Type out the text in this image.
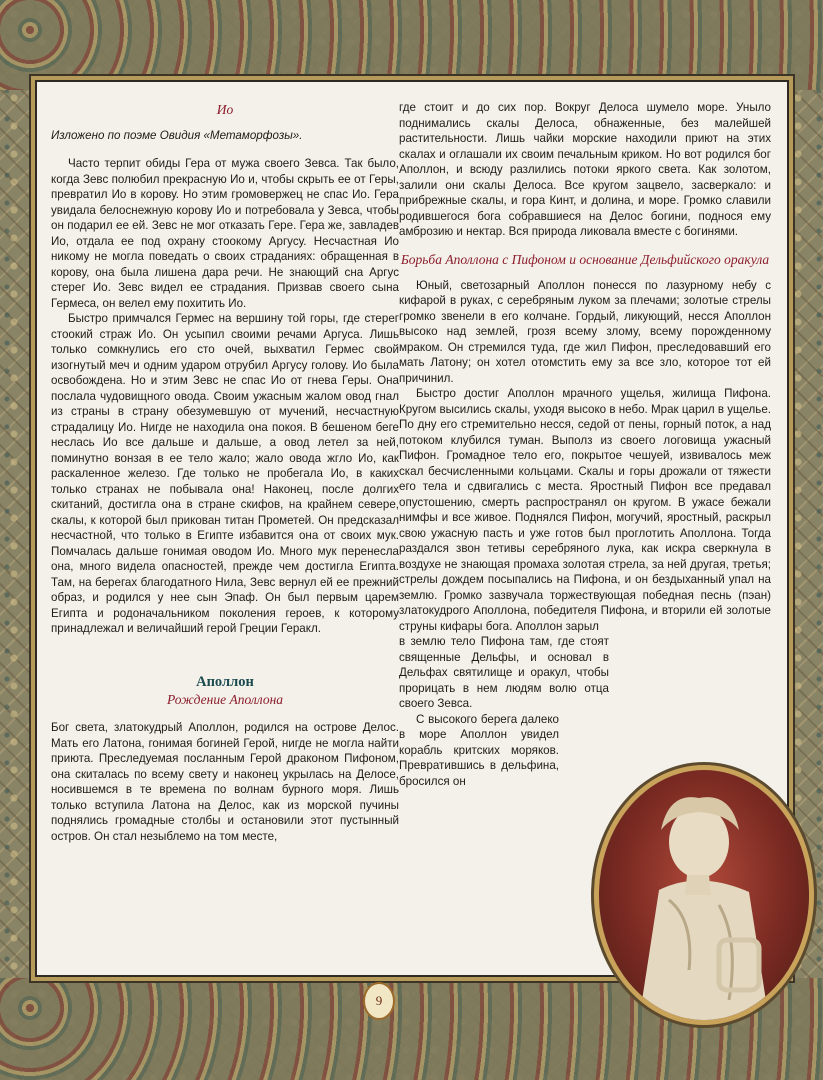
Ио

Изложено по поэме Овидия «Метаморфозы».

Часто терпит обиды Гера от мужа своего Зевса. Так было, когда Зевс полюбил прекрасную Ио и, чтобы скрыть ее от Геры, превратил Ио в корову. Но этим громовержец не спас Ио. Гера увидала белоснежную корову Ио и потребовала у Зевса, чтобы он подарил ее ей. Зевс не мог отказать Гере. Гера же, завладев Ио, отдала ее под охрану стоокому Аргусу. Несчастная Ио никому не могла поведать о своих страданиях: обращенная в корову, она была лишена дара речи. Не знающий сна Аргус стерег Ио. Зевс видел ее страдания. Призвав своего сына Гермеса, он велел ему похитить Ио.

Быстро примчался Гермес на вершину той горы, где стерег стоокий страж Ио. Он усыпил своими речами Аргуса. Лишь только сомкнулись его сто очей, выхватил Гермес свой изогнутый меч и одним ударом отрубил Аргусу голову. Ио была освобождена. Но и этим Зевс не спас Ио от гнева Геры. Она послала чудовищного овода. Своим ужасным жалом овод гнал из страны в страну обезумевшую от мучений, несчастную страдалицу Ио. Нигде не находила она покоя. В бешеном беге неслась Ио все дальше и дальше, а овод летел за ней, поминутно вонзая в ее тело жало; жало овода жгло Ио, как раскаленное железо. Где только не пробегала Ио, в каких только странах не побывала она! Наконец, после долгих скитаний, достигла она в стране скифов, на крайнем севере, скалы, к которой был прикован титан Прометей. Он предсказал несчастной, что только в Египте избавится она от своих мук. Помчалась дальше гонимая оводом Ио. Много мук перенесла она, много видела опасностей, прежде чем достигла Египта. Там, на берегах благодатного Нила, Зевс вернул ей ее прежний образ, и родился у нее сын Эпаф. Он был первым царем Египта и родоначальником поколения героев, к которому принадлежал и величайший герой Греции Геракл.

Аполлон
Рождение Аполлона

Бог света, златокудрый Аполлон, родился на острове Делос. Мать его Латона, гонимая богиней Герой, нигде не могла найти приюта. Преследуемая посланным Герой драконом Пифоном, она скиталась по всему свету и наконец укрылась на Делосе, носившемся в те времена по волнам бурного моря. Лишь только вступила Латона на Делос, как из морской пучины поднялись громадные столбы и остановили этот пустынный остров. Он стал незыблемо на том месте,

где стоит и до сих пор. Вокруг Делоса шумело море. Уныло поднимались скалы Делоса, обнаженные, без малейшей растительности. Лишь чайки морские находили приют на этих скалах и оглашали их своим печальным криком. Но вот родился бог Аполлон, и всюду разлились потоки яркого света. Как золотом, залили они скалы Делоса. Все кругом зацвело, засверкало: и прибрежные скалы, и гора Кинт, и долина, и море. Громко славили родившегося бога собравшиеся на Делос богини, поднося ему амброзию и нектар. Вся природа ликовала вместе с богинями.

Борьба Аполлона с Пифоном и основание Дельфийского оракула

Юный, светозарный Аполлон понесся по лазурному небу с кифарой в руках, с серебряным луком за плечами; золотые стрелы громко звенели в его колчане. Гордый, ликующий, несся Аполлон высоко над землей, грозя всему злому, всему порожденному мраком. Он стремился туда, где жил Пифон, преследовавший его мать Латону; он хотел отомстить ему за все зло, которое тот ей причинил.

Быстро достиг Аполлон мрачного ущелья, жилища Пифона. Кругом высились скалы, уходя высоко в небо. Мрак царил в ущелье. По дну его стремительно несся, седой от пены, горный поток, а над потоком клубился туман. Выполз из своего логовища ужасный Пифон. Громадное тело его, покрытое чешуей, извивалось меж скал бесчисленными кольцами. Скалы и горы дрожали от тяжести его тела и сдвигались с места. Яростный Пифон все предавал опустошению, смерть распространял он кругом. В ужасе бежали нимфы и все живое. Поднялся Пифон, могучий, яростный, раскрыл свою ужасную пасть и уже готов был проглотить Аполлона. Тогда раздался звон тетивы серебряного лука, как искра сверкнула в воздухе не знающая промаха золотая стрела, за ней другая, третья; стрелы дождем посыпались на Пифона, и он бездыханный упал на землю. Громко зазвучала торжествующая победная песнь (пэан) златокудрого Аполлона, победителя Пифона, и вторили ей золотые струны кифары бога. Аполлон зарыл

в землю тело Пифона там, где стоят священные Дельфы, и основал в Дельфах святилище и оракул, чтобы прорицать в нем людям волю отца своего Зевса.

С высокого берега далеко в море Аполлон увидел корабль критских моряков. Превратившись в дельфина, бросился он

9
